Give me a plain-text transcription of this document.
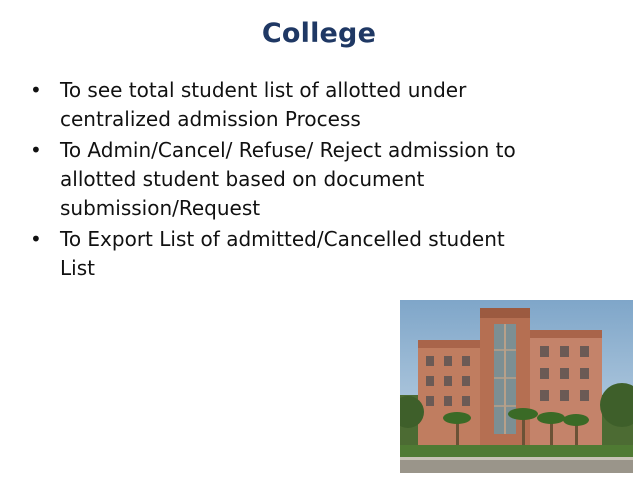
College
• To see total student list of allotted under
centralized admission Process
• To Admin/Cancel/ Refuse/ Reject admission to
allotted student based on document
submission/Request
• To Export List of admitted/Cancelled student
List
